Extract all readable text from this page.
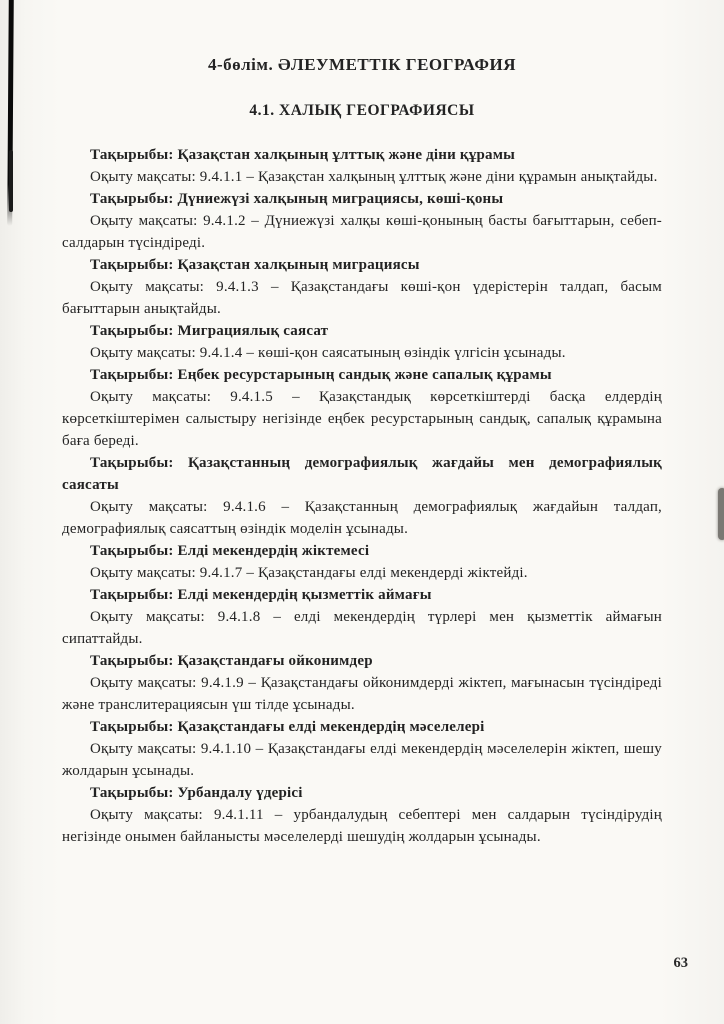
4-бөлім. ӘЛЕУМЕТТІК ГЕОГРАФИЯ
4.1. ХАЛЫҚ ГЕОГРАФИЯСЫ

Тақырыбы: Қазақстан халқының ұлттық және діни құрамы

Оқыту мақсаты: 9.4.1.1 – Қазақстан халқының ұлттық және діни құрамын анықтайды.

Тақырыбы: Дүниежүзі халқының миграциясы, көші-қоны

Оқыту мақсаты: 9.4.1.2 – Дүниежүзі халқы көші-қонының басты бағыттарын, себеп-салдарын түсіндіреді.

Тақырыбы: Қазақстан халқының миграциясы

Оқыту мақсаты: 9.4.1.3 – Қазақстандағы көші-қон үдерістерін талдап, басым бағыттарын анықтайды.

Тақырыбы: Миграциялық саясат

Оқыту мақсаты: 9.4.1.4 – көші-қон саясатының өзіндік үлгісін ұсынады.

Тақырыбы: Еңбек ресурстарының сандық және сапалық құрамы

Оқыту мақсаты: 9.4.1.5 – Қазақстандық көрсеткіштерді басқа елдердің көрсеткіштерімен салыстыру негізінде еңбек ресурстарының сандық, сапалық құрамына баға береді.

Тақырыбы: Қазақстанның демографиялық жағдайы мен демографиялық саясаты

Оқыту мақсаты: 9.4.1.6 – Қазақстанның демографиялық жағдайын талдап, демографиялық саясаттың өзіндік моделін ұсынады.

Тақырыбы: Елді мекендердің жіктемесі

Оқыту мақсаты: 9.4.1.7 – Қазақстандағы елді мекендерді жіктейді.

Тақырыбы: Елді мекендердің қызметтік аймағы

Оқыту мақсаты: 9.4.1.8 – елді мекендердің түрлері мен қызметтік аймағын сипаттайды.

Тақырыбы: Қазақстандағы ойконимдер

Оқыту мақсаты: 9.4.1.9 – Қазақстандағы ойконимдерді жіктеп, мағынасын түсіндіреді және транслитерациясын үш тілде ұсынады.

Тақырыбы: Қазақстандағы елді мекендердің мәселелері

Оқыту мақсаты: 9.4.1.10 – Қазақстандағы елді мекендердің мәселелерін жіктеп, шешу жолдарын ұсынады.

Тақырыбы: Урбандалу үдерісі

Оқыту мақсаты: 9.4.1.11 – урбандалудың себептері мен салдарын түсіндірудің негізінде онымен байланысты мәселелерді шешудің жолдарын ұсынады.

63
